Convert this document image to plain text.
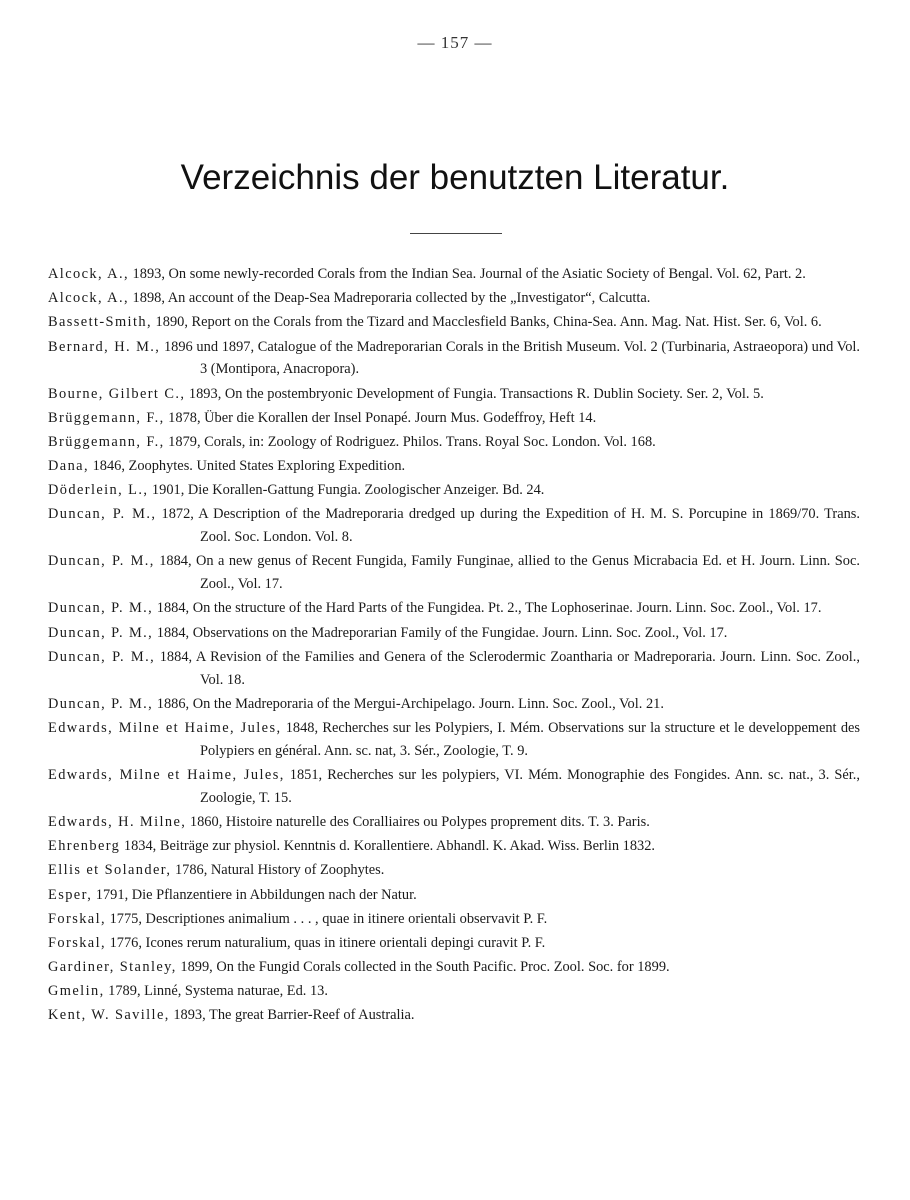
— 157 —
Verzeichnis der benutzten Literatur.

Alcock, A., 1893, On some newly-recorded Corals from the Indian Sea. Journal of the Asiatic Society of Bengal. Vol. 62, Part. 2.

Alcock, A., 1898, An account of the Deap-Sea Madreporaria collected by the „Investigator“, Calcutta.

Bassett-Smith, 1890, Report on the Corals from the Tizard and Macclesfield Banks, China-Sea. Ann. Mag. Nat. Hist. Ser. 6, Vol. 6.

Bernard, H. M., 1896 und 1897, Catalogue of the Madreporarian Corals in the British Museum. Vol. 2 (Turbinaria, Astraeopora) und Vol. 3 (Montipora, Anacropora).

Bourne, Gilbert C., 1893, On the postembryonic Development of Fungia. Transactions R. Dublin Society. Ser. 2, Vol. 5.

Brüggemann, F., 1878, Über die Korallen der Insel Ponapé. Journ Mus. Godeffroy, Heft 14.

Brüggemann, F., 1879, Corals, in: Zoology of Rodriguez. Philos. Trans. Royal Soc. London. Vol. 168.

Dana, 1846, Zoophytes. United States Exploring Expedition.

Döderlein, L., 1901, Die Korallen-Gattung Fungia. Zoologischer Anzeiger. Bd. 24.

Duncan, P. M., 1872, A Description of the Madreporaria dredged up during the Expedition of H. M. S. Porcupine in 1869/70. Trans. Zool. Soc. London. Vol. 8.

Duncan, P. M., 1884, On a new genus of Recent Fungida, Family Funginae, allied to the Genus Micrabacia Ed. et H. Journ. Linn. Soc. Zool., Vol. 17.

Duncan, P. M., 1884, On the structure of the Hard Parts of the Fungidea. Pt. 2., The Lophoserinae. Journ. Linn. Soc. Zool., Vol. 17.

Duncan, P. M., 1884, Observations on the Madreporarian Family of the Fungidae. Journ. Linn. Soc. Zool., Vol. 17.

Duncan, P. M., 1884, A Revision of the Families and Genera of the Sclerodermic Zoantharia or Madreporaria. Journ. Linn. Soc. Zool., Vol. 18.

Duncan, P. M., 1886, On the Madreporaria of the Mergui-Archipelago. Journ. Linn. Soc. Zool., Vol. 21.

Edwards, Milne et Haime, Jules, 1848, Recherches sur les Polypiers, I. Mém. Observations sur la structure et le developpement des Polypiers en général. Ann. sc. nat, 3. Sér., Zoologie, T. 9.

Edwards, Milne et Haime, Jules, 1851, Recherches sur les polypiers, VI. Mém. Monographie des Fongides. Ann. sc. nat., 3. Sér., Zoologie, T. 15.

Edwards, H. Milne, 1860, Histoire naturelle des Coralliaires ou Polypes proprement dits. T. 3. Paris.

Ehrenberg 1834, Beiträge zur physiol. Kenntnis d. Korallentiere. Abhandl. K. Akad. Wiss. Berlin 1832.

Ellis et Solander, 1786, Natural History of Zoophytes.

Esper, 1791, Die Pflanzentiere in Abbildungen nach der Natur.

Forskal, 1775, Descriptiones animalium . . . , quae in itinere orientali observavit P. F.

Forskal, 1776, Icones rerum naturalium, quas in itinere orientali depingi curavit P. F.

Gardiner, Stanley, 1899, On the Fungid Corals collected in the South Pacific. Proc. Zool. Soc. for 1899.

Gmelin, 1789, Linné, Systema naturae, Ed. 13.

Kent, W. Saville, 1893, The great Barrier-Reef of Australia.
